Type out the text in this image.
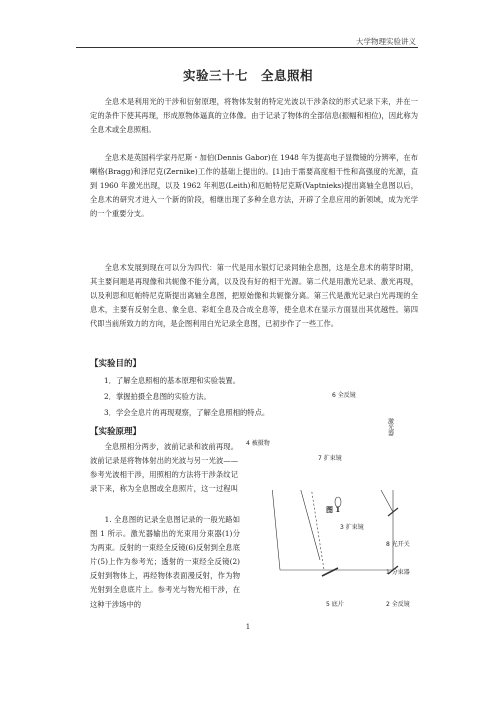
大学物理实验讲义
实验三十七　全息照相

全息术是利用光的干涉和衍射原理，将物体发射的特定光波以干涉条纹的形式记录下来，并在一定的条件下使其再现，形成原物体逼真的立体像。由于记录了物体的全部信息(振幅和相位)，因此称为全息术或全息照相。

全息术是英国科学家丹尼斯・加伯(Dennis Gabor)在 1948 年为提高电子显微镜的分辨率，在布喇格(Bragg)和泽尼克(Zernike)工作的基础上提出的。[1]由于需要高度相干性和高强度的光源，直到 1960 年激光出现，以及 1962 年利思(Leith)和厄帕特尼克斯(Vaptnieks)提出离轴全息图以后，全息术的研究才进入一个新的阶段，相继出现了多种全息方法，开辟了全息应用的新领域，成为光学的一个重要分支。

全息术发展到现在可以分为四代：第一代是用水银灯记录同轴全息图，这是全息术的萌芽时期，其主要问题是再现像和共轭像不能分离，以及没有好的相干光源。第二代是用激光记录、激光再现，以及利思和厄帕特尼克斯提出离轴全息图，把原始像和共轭像分离。第三代是激光记录白光再现的全息术，主要有反射全息、象全息、彩虹全息及合成全息等，使全息术在显示方面显出其优越性。第四代即当前所致力的方向，是企图利用白光记录全息图，已初步作了一些工作。

【实验目的】
1．了解全息照相的基本原理和实验装置。
2．掌握拍摄全息图的实验方法。
3．学会全息片的再现观察，了解全息照相的特点。
【实验原理】
全息照相分两步，波前记录和波前再现。波前记录是将物体射出的光波与另一光波——参考光波相干涉，用照相的方法将干涉条纹记录下来，称为全息图或全息照片，这一过程叫

1. 全息图的记录全息图记录的一般光路如图 1 所示。激光器输出的光束用分束器(1)分为两束。反射的一束经全反镜(6)反射到全息底片(5)上作为参考光；透射的一束经全反镜(2)反射到物体上，再经物体表面漫反射，作为物光射到全息底片上。参考光与物光相干涉，在这种干涉场中的

6 全反镜
4 被摄物
7 扩束镜
3 扩束镜
8 光开关
1 分束器
5 底片	2 全反镜
激光器
图 1
1
